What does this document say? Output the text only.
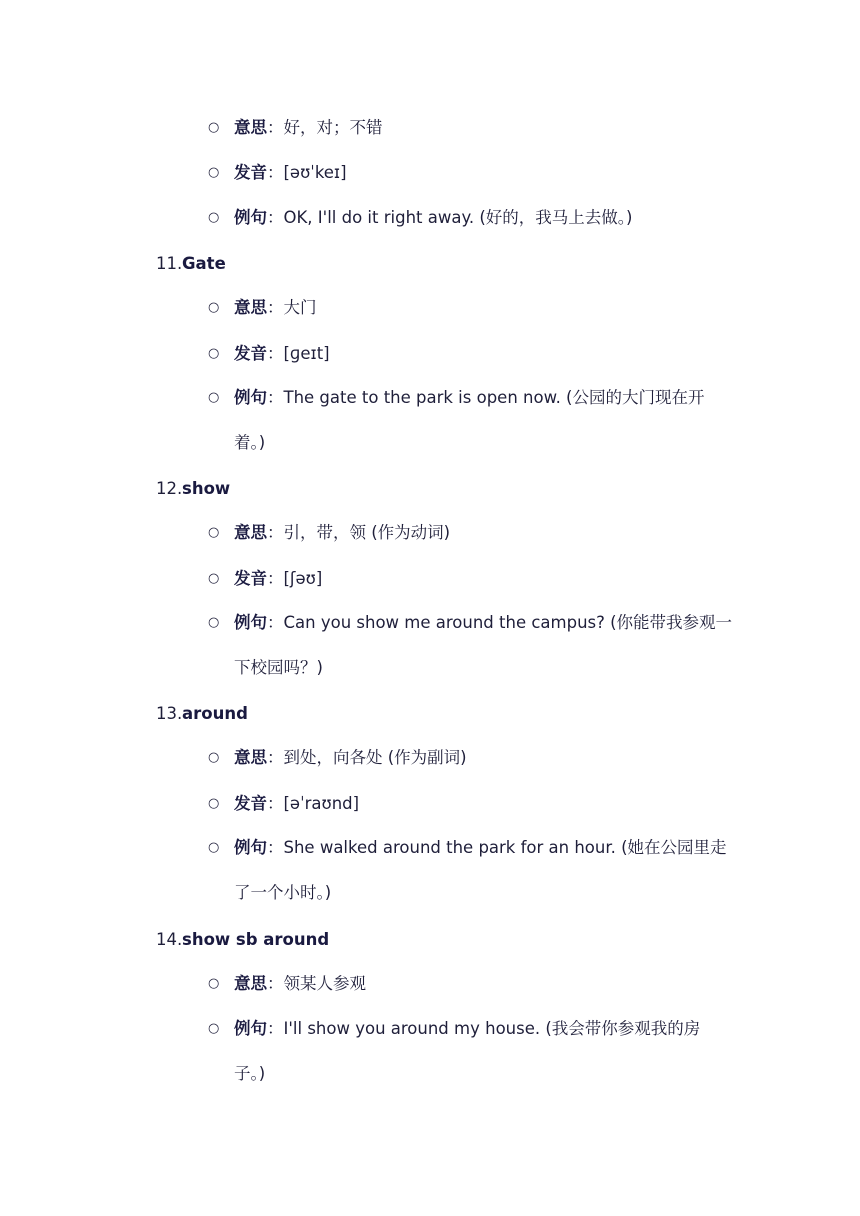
○ 意思：好，对；不错
○ 发音：[əʊˈkeɪ]
○ 例句：OK, I'll do it right away. (好的，我马上去做。)
11.Gate
○ 意思：大门
○ 发音：[ɡeɪt]
○ 例句：The gate to the park is open now. (公园的大门现在开
着。)
12.show
○ 意思：引，带，领 (作为动词)
○ 发音：[ʃəʊ]
○ 例句：Can you show me around the campus? (你能带我参观一
下校园吗？)
13.around
○ 意思：到处，向各处 (作为副词)
○ 发音：[əˈraʊnd]
○ 例句：She walked around the park for an hour. (她在公园里走
了一个小时。)
14.show sb around
○ 意思：领某人参观
○ 例句：I'll show you around my house. (我会带你参观我的房
子。)
